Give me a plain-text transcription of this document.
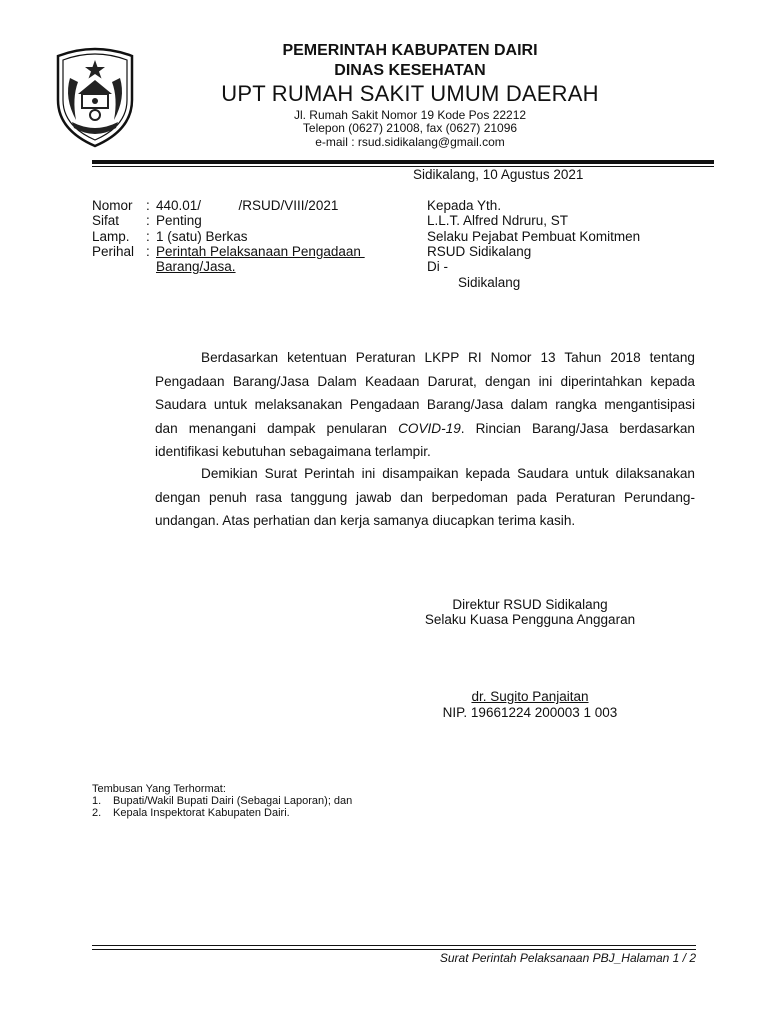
PEMERINTAH KABUPATEN DAIRI
DINAS KESEHATAN
UPT RUMAH SAKIT UMUM DAERAH
Jl. Rumah Sakit Nomor 19 Kode Pos 22212
Telepon (0627) 21008, fax (0627) 21096
e-mail : rsud.sidikalang@gmail.com
Sidikalang, 10 Agustus 2021
Nomor : 440.01/          /RSUD/VIII/2021
Sifat : Penting
Lamp. : 1 (satu) Berkas
Perihal : Perintah Pelaksanaan Pengadaan
Barang/Jasa.
Kepada Yth.
L.L.T. Alfred Ndruru, ST
Selaku Pejabat Pembuat Komitmen
RSUD Sidikalang
Di -
Sidikalang
Berdasarkan ketentuan Peraturan LKPP RI Nomor 13 Tahun 2018 tentang Pengadaan Barang/Jasa Dalam Keadaan Darurat, dengan ini diperintahkan kepada Saudara untuk melaksanakan Pengadaan Barang/Jasa dalam rangka mengantisipasi dan menangani dampak penularan COVID-19. Rincian Barang/Jasa berdasarkan identifikasi kebutuhan sebagaimana terlampir.
Demikian Surat Perintah ini disampaikan kepada Saudara untuk dilaksanakan dengan penuh rasa tanggung jawab dan berpedoman pada Peraturan Perundang-undangan. Atas perhatian dan kerja samanya diucapkan terima kasih.
Direktur RSUD Sidikalang
Selaku Kuasa Pengguna Anggaran
dr. Sugito Panjaitan
NIP. 19661224 200003 1 003
Tembusan Yang Terhormat:
1. Bupati/Wakil Bupati Dairi (Sebagai Laporan); dan
2. Kepala Inspektorat Kabupaten Dairi.
Surat Perintah Pelaksanaan PBJ_Halaman 1 / 2
